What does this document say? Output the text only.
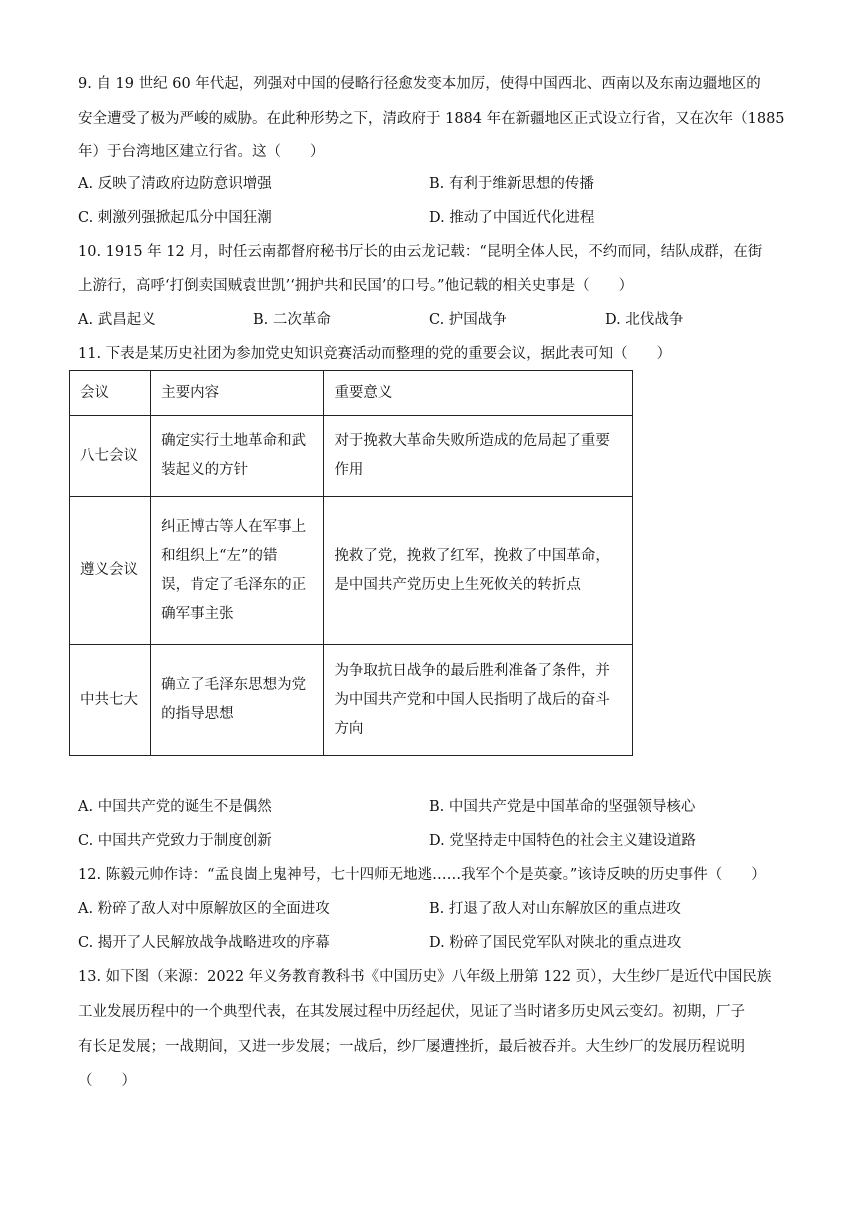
9. 自 19 世纪 60 年代起，列强对中国的侵略行径愈发变本加厉，使得中国西北、西南以及东南边疆地区的
安全遭受了极为严峻的威胁。在此种形势之下，清政府于 1884 年在新疆地区正式设立行省，又在次年（1885
年）于台湾地区建立行省。这（　　）
A. 反映了清政府边防意识增强	B. 有利于维新思想的传播
C. 刺激列强掀起瓜分中国狂潮	D. 推动了中国近代化进程
10. 1915 年 12 月，时任云南都督府秘书厅长的由云龙记载：“昆明全体人民，不约而同，结队成群，在街
上游行，高呼‘打倒卖国贼袁世凯’‘拥护共和民国’的口号。”他记载的相关史事是（　　）
A. 武昌起义	B. 二次革命	C. 护国战争	D. 北伐战争
11. 下表是某历史社团为参加党史知识竞赛活动而整理的党的重要会议，据此表可知（　　）
会议	主要内容	重要意义
八七会议	确定实行土地革命和武
装起义的方针	对于挽救大革命失败所造成的危局起了重要
作用

遵义会议	纠正博古等人在军事上
和组织上“左”的错
误，肯定了毛泽东的正
确军事主张	挽救了党，挽救了红军，挽救了中国革命，
是中国共产党历史上生死攸关的转折点

中共七大	确立了毛泽东思想为党
的指导思想	为争取抗日战争的最后胜利准备了条件，并
为中国共产党和中国人民指明了战后的奋斗
方向
A. 中国共产党的诞生不是偶然	B. 中国共产党是中国革命的坚强领导核心
C. 中国共产党致力于制度创新	D. 党坚持走中国特色的社会主义建设道路
12. 陈毅元帅作诗：“孟良崮上鬼神号，七十四师无地逃……我军个个是英豪。”该诗反映的历史事件（　　）
A. 粉碎了敌人对中原解放区的全面进攻	B. 打退了敌人对山东解放区的重点进攻
C. 揭开了人民解放战争战略进攻的序幕	D. 粉碎了国民党军队对陕北的重点进攻
13. 如下图（来源：2022 年义务教育教科书《中国历史》八年级上册第 122 页），大生纱厂是近代中国民族
工业发展历程中的一个典型代表，在其发展过程中历经起伏，见证了当时诸多历史风云变幻。初期，厂子
有长足发展；一战期间，又进一步发展；一战后，纱厂屡遭挫折，最后被吞并。大生纱厂的发展历程说明
（　　）
